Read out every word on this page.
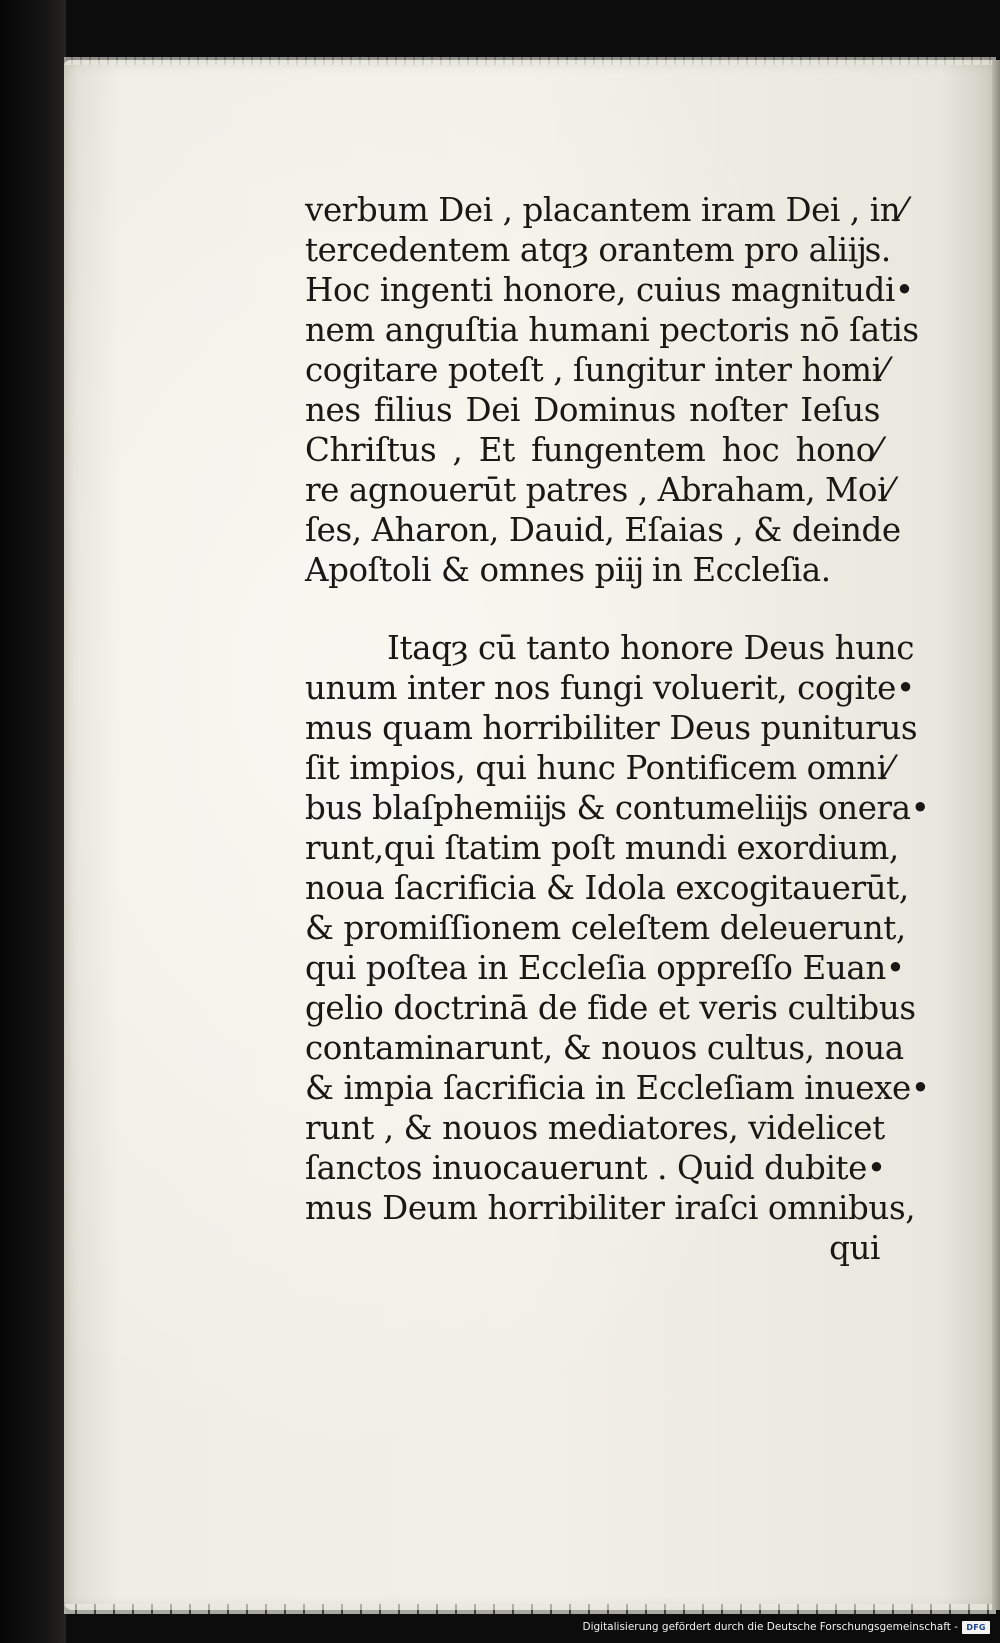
verbum Dei , placantem iram Dei , in⁄
tercedentem atqȝ orantem pro aliĳs.
Hoc ingenti honore, cuius magnitudi•
nem anguſtia humani pectoris nō ſatis
cogitare poteſt , ſungitur inter homi⁄
nes filius Dei Dominus noſter Ieſus
Chriſtus , Et fungentem hoc hono⁄
re agnouerūt patres , Abraham, Moi⁄
ſes, Aharon, Dauid, Eſaias , & deinde
Apoſtoli & omnes piĳ in Eccleſia.
Itaqȝ cū tanto honore Deus hunc
unum inter nos fungi voluerit, cogite•
mus quam horribiliter Deus puniturus
ſit impios, qui hunc Pontificem omni⁄
bus blaſphemiĳs & contumeliĳs onera•
runt,qui ſtatim poſt mundi exordium,
noua ſacrificia & Idola excogitauerūt,
& promiſſionem celeſtem deleuerunt,
qui poſtea in Eccleſia oppreſſo Euan•
gelio doctrinā de fide et veris cultibus
contaminarunt, & nouos cultus, noua
& impia ſacrificia in Eccleſiam inuexe•
runt , & nouos mediatores, videlicet
ſanctos inuocauerunt . Quid dubite•
mus Deum horribiliter iraſci omnibus,
qui
Digitalisierung gefördert durch die Deutsche Forschungsgemeinschaft -	DFG
